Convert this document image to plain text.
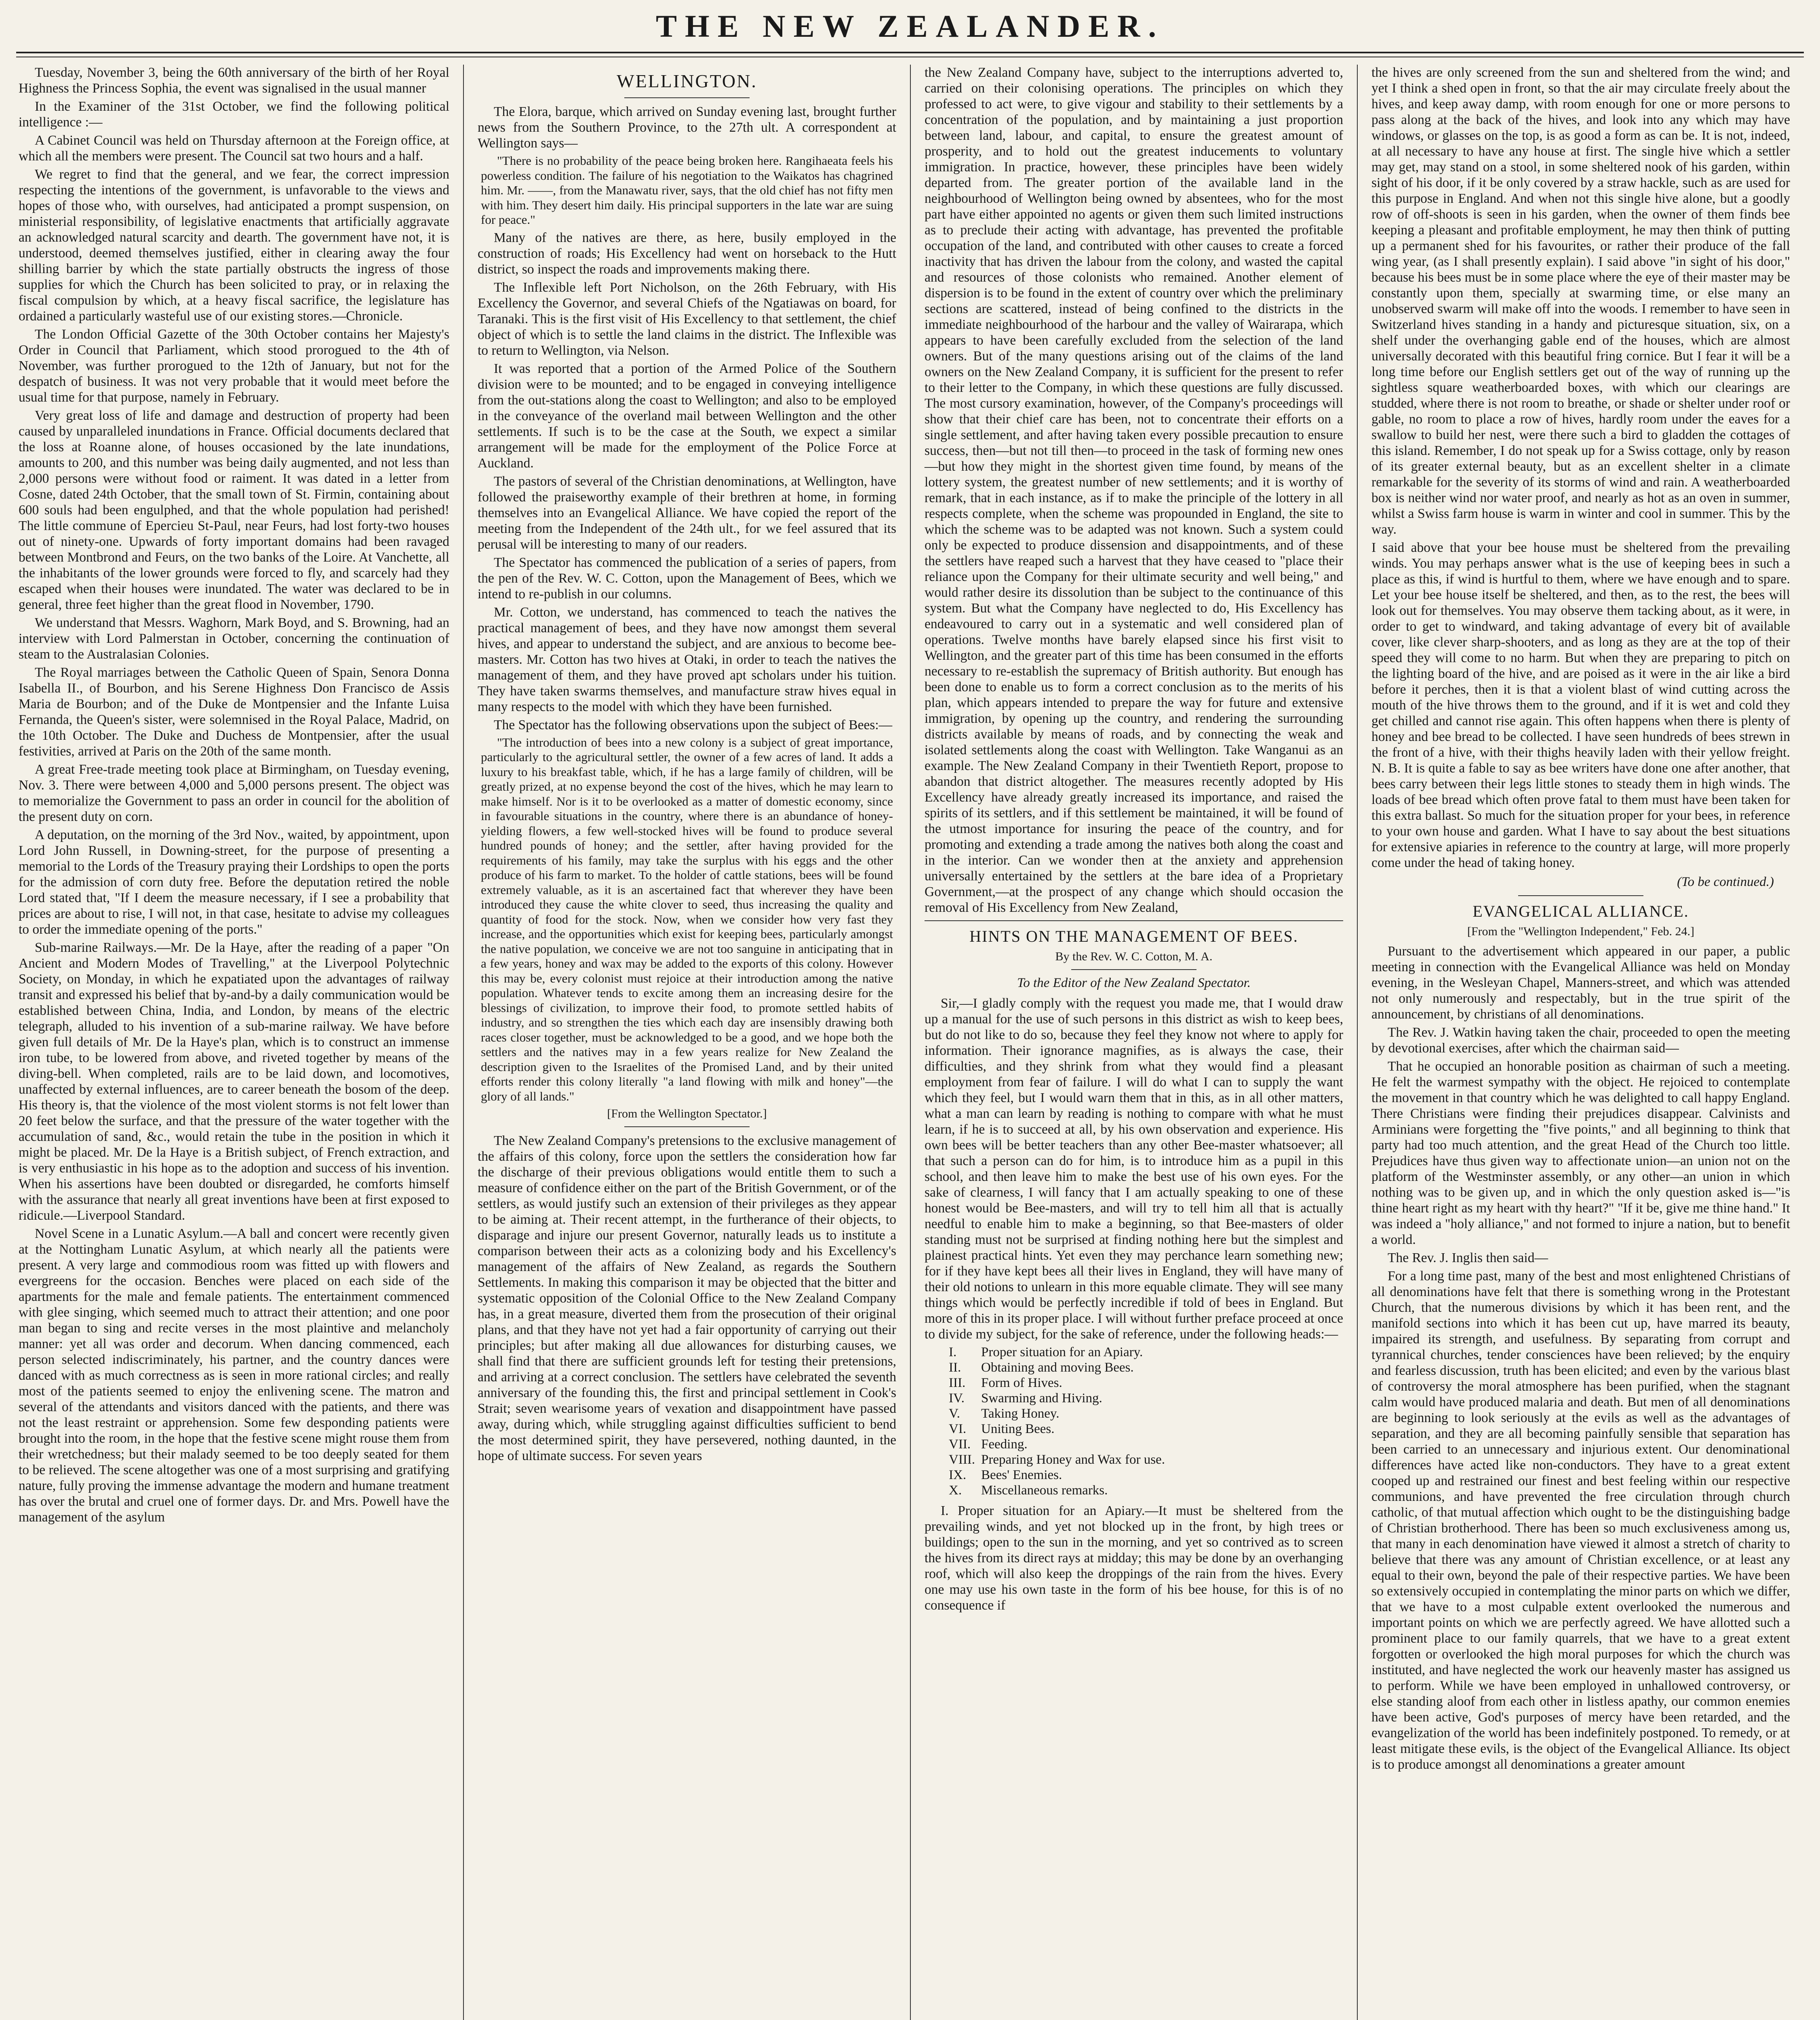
THE NEW ZEALANDER.

Tuesday, November 3, being the 60th anniversary of the birth of her Royal Highness the Princess Sophia, the event was signalised in the usual manner

In the Examiner of the 31st October, we find the following political intelligence :—

A Cabinet Council was held on Thursday afternoon at the Foreign office, at which all the members were present. The Council sat two hours and a half.

We regret to find that the general, and we fear, the correct impression respecting the intentions of the government, is unfavorable to the views and hopes of those who, with ourselves, had anticipated a prompt suspension, on ministerial responsibility, of legislative enactments that artificially aggravate an acknowledged natural scarcity and dearth. The government have not, it is understood, deemed themselves justified, either in clearing away the four shilling barrier by which the state partially obstructs the ingress of those supplies for which the Church has been solicited to pray, or in relaxing the fiscal compulsion by which, at a heavy fiscal sacrifice, the legislature has ordained a particularly wasteful use of our existing stores.—Chronicle.

The London Official Gazette of the 30th October contains her Majesty's Order in Council that Parliament, which stood prorogued to the 4th of November, was further prorogued to the 12th of January, but not for the despatch of business. It was not very probable that it would meet before the usual time for that purpose, namely in February.

Very great loss of life and damage and destruction of property had been caused by unparalleled inundations in France. Official documents declared that the loss at Roanne alone, of houses occasioned by the late inundations, amounts to 200, and this number was being daily augmented, and not less than 2,000 persons were without food or raiment. It was dated in a letter from Cosne, dated 24th October, that the small town of St. Firmin, containing about 600 souls had been engulphed, and that the whole population had perished! The little commune of Epercieu St-Paul, near Feurs, had lost forty-two houses out of ninety-one. Upwards of forty important domains had been ravaged between Montbrond and Feurs, on the two banks of the Loire. At Vanchette, all the inhabitants of the lower grounds were forced to fly, and scarcely had they escaped when their houses were inundated. The water was declared to be in general, three feet higher than the great flood in November, 1790.

We understand that Messrs. Waghorn, Mark Boyd, and S. Browning, had an interview with Lord Palmerstan in October, concerning the continuation of steam to the Australasian Colonies.

The Royal marriages between the Catholic Queen of Spain, Senora Donna Isabella II., of Bourbon, and his Serene Highness Don Francisco de Assis Maria de Bourbon; and of the Duke de Montpensier and the Infante Luisa Fernanda, the Queen's sister, were solemnised in the Royal Palace, Madrid, on the 10th October. The Duke and Duchess de Montpensier, after the usual festivities, arrived at Paris on the 20th of the same month.

A great Free-trade meeting took place at Birmingham, on Tuesday evening, Nov. 3. There were between 4,000 and 5,000 persons present. The object was to memorialize the Government to pass an order in council for the abolition of the present duty on corn.

A deputation, on the morning of the 3rd Nov., waited, by appointment, upon Lord John Russell, in Downing-street, for the purpose of presenting a memorial to the Lords of the Treasury praying their Lordships to open the ports for the admission of corn duty free. Before the deputation retired the noble Lord stated that, "If I deem the measure necessary, if I see a probability that prices are about to rise, I will not, in that case, hesitate to advise my colleagues to order the immediate opening of the ports."

Sub-marine Railways.—Mr. De la Haye, after the reading of a paper "On Ancient and Modern Modes of Travelling," at the Liverpool Polytechnic Society, on Monday, in which he expatiated upon the advantages of railway transit and expressed his belief that by-and-by a daily communication would be established between China, India, and London, by means of the electric telegraph, alluded to his invention of a sub-marine railway. We have before given full details of Mr. De la Haye's plan, which is to construct an immense iron tube, to be lowered from above, and riveted together by means of the diving-bell. When completed, rails are to be laid down, and locomotives, unaffected by external influences, are to career beneath the bosom of the deep. His theory is, that the violence of the most violent storms is not felt lower than 20 feet below the surface, and that the pressure of the water together with the accumulation of sand, &c., would retain the tube in the position in which it might be placed. Mr. De la Haye is a British subject, of French extraction, and is very enthusiastic in his hope as to the adoption and success of his invention. When his assertions have been doubted or disregarded, he comforts himself with the assurance that nearly all great inventions have been at first exposed to ridicule.—Liverpool Standard.

Novel Scene in a Lunatic Asylum.—A ball and concert were recently given at the Nottingham Lunatic Asylum, at which nearly all the patients were present. A very large and commodious room was fitted up with flowers and evergreens for the occasion. Benches were placed on each side of the apartments for the male and female patients. The entertainment commenced with glee singing, which seemed much to attract their attention; and one poor man began to sing and recite verses in the most plaintive and melancholy manner: yet all was order and decorum. When dancing commenced, each person selected indiscriminately, his partner, and the country dances were danced with as much correctness as is seen in more rational circles; and really most of the patients seemed to enjoy the enlivening scene. The matron and several of the attendants and visitors danced with the patients, and there was not the least restraint or apprehension. Some few desponding patients were brought into the room, in the hope that the festive scene might rouse them from their wretchedness; but their malady seemed to be too deeply seated for them to be relieved. The scene altogether was one of a most surprising and gratifying nature, fully proving the immense advantage the modern and humane treatment has over the brutal and cruel one of former days. Dr. and Mrs. Powell have the management of the asylum

WELLINGTON.

The Elora, barque, which arrived on Sunday evening last, brought further news from the Southern Province, to the 27th ult. A correspondent at Wellington says—

"There is no probability of the peace being broken here. Rangihaeata feels his powerless condition. The failure of his negotiation to the Waikatos has chagrined him. Mr. ——, from the Manawatu river, says, that the old chief has not fifty men with him. They desert him daily. His principal supporters in the late war are suing for peace."

Many of the natives are there, as here, busily employed in the construction of roads; His Excellency had went on horseback to the Hutt district, so inspect the roads and improvements making there.

The Inflexible left Port Nicholson, on the 26th February, with His Excellency the Governor, and several Chiefs of the Ngatiawas on board, for Taranaki. This is the first visit of His Excellency to that settlement, the chief object of which is to settle the land claims in the district. The Inflexible was to return to Wellington, via Nelson.

It was reported that a portion of the Armed Police of the Southern division were to be mounted; and to be engaged in conveying intelligence from the out-stations along the coast to Wellington; and also to be employed in the conveyance of the overland mail between Wellington and the other settlements. If such is to be the case at the South, we expect a similar arrangement will be made for the employment of the Police Force at Auckland.

The pastors of several of the Christian denominations, at Wellington, have followed the praiseworthy example of their brethren at home, in forming themselves into an Evangelical Alliance. We have copied the report of the meeting from the Independent of the 24th ult., for we feel assured that its perusal will be interesting to many of our readers.

The Spectator has commenced the publication of a series of papers, from the pen of the Rev. W. C. Cotton, upon the Management of Bees, which we intend to re-publish in our columns.

Mr. Cotton, we understand, has commenced to teach the natives the practical management of bees, and they have now amongst them several hives, and appear to understand the subject, and are anxious to become bee-masters. Mr. Cotton has two hives at Otaki, in order to teach the natives the management of them, and they have proved apt scholars under his tuition. They have taken swarms themselves, and manufacture straw hives equal in many respects to the model with which they have been furnished.

The Spectator has the following observations upon the subject of Bees:—

"The introduction of bees into a new colony is a subject of great importance, particularly to the agricultural settler, the owner of a few acres of land. It adds a luxury to his breakfast table, which, if he has a large family of children, will be greatly prized, at no expense beyond the cost of the hives, which he may learn to make himself. Nor is it to be overlooked as a matter of domestic economy, since in favourable situations in the country, where there is an abundance of honey-yielding flowers, a few well-stocked hives will be found to produce several hundred pounds of honey; and the settler, after having provided for the requirements of his family, may take the surplus with his eggs and the other produce of his farm to market. To the holder of cattle stations, bees will be found extremely valuable, as it is an ascertained fact that wherever they have been introduced they cause the white clover to seed, thus increasing the quality and quantity of food for the stock. Now, when we consider how very fast they increase, and the opportunities which exist for keeping bees, particularly amongst the native population, we conceive we are not too sanguine in anticipating that in a few years, honey and wax may be added to the exports of this colony. However this may be, every colonist must rejoice at their introduction among the native population. Whatever tends to excite among them an increasing desire for the blessings of civilization, to improve their food, to promote settled habits of industry, and so strengthen the ties which each day are insensibly drawing both races closer together, must be acknowledged to be a good, and we hope both the settlers and the natives may in a few years realize for New Zealand the description given to the Israelites of the Promised Land, and by their united efforts render this colony literally "a land flowing with milk and honey"—the glory of all lands."

[From the Wellington Spectator.]

The New Zealand Company's pretensions to the exclusive management of the affairs of this colony, force upon the settlers the consideration how far the discharge of their previous obligations would entitle them to such a measure of confidence either on the part of the British Government, or of the settlers, as would justify such an extension of their privileges as they appear to be aiming at. Their recent attempt, in the furtherance of their objects, to disparage and injure our present Governor, naturally leads us to institute a comparison between their acts as a colonizing body and his Excellency's management of the affairs of New Zealand, as regards the Southern Settlements. In making this comparison it may be objected that the bitter and systematic opposition of the Colonial Office to the New Zealand Company has, in a great measure, diverted them from the prosecution of their original plans, and that they have not yet had a fair opportunity of carrying out their principles; but after making all due allowances for disturbing causes, we shall find that there are sufficient grounds left for testing their pretensions, and arriving at a correct conclusion. The settlers have celebrated the seventh anniversary of the founding this, the first and principal settlement in Cook's Strait; seven wearisome years of vexation and disappointment have passed away, during which, while struggling against difficulties sufficient to bend the most determined spirit, they have persevered, nothing daunted, in the hope of ultimate success. For seven years

the New Zealand Company have, subject to the interruptions adverted to, carried on their colonising operations. The principles on which they professed to act were, to give vigour and stability to their settlements by a concentration of the population, and by maintaining a just proportion between land, labour, and capital, to ensure the greatest amount of prosperity, and to hold out the greatest inducements to voluntary immigration. In practice, however, these principles have been widely departed from. The greater portion of the available land in the neighbourhood of Wellington being owned by absentees, who for the most part have either appointed no agents or given them such limited instructions as to preclude their acting with advantage, has prevented the profitable occupation of the land, and contributed with other causes to create a forced inactivity that has driven the labour from the colony, and wasted the capital and resources of those colonists who remained. Another element of dispersion is to be found in the extent of country over which the preliminary sections are scattered, instead of being confined to the districts in the immediate neighbourhood of the harbour and the valley of Wairarapa, which appears to have been carefully excluded from the selection of the land owners. But of the many questions arising out of the claims of the land owners on the New Zealand Company, it is sufficient for the present to refer to their letter to the Company, in which these questions are fully discussed. The most cursory examination, however, of the Company's proceedings will show that their chief care has been, not to concentrate their efforts on a single settlement, and after having taken every possible precaution to ensure success, then—but not till then—to proceed in the task of forming new ones—but how they might in the shortest given time found, by means of the lottery system, the greatest number of new settlements; and it is worthy of remark, that in each instance, as if to make the principle of the lottery in all respects complete, when the scheme was propounded in England, the site to which the scheme was to be adapted was not known. Such a system could only be expected to produce dissension and disappointments, and of these the settlers have reaped such a harvest that they have ceased to "place their reliance upon the Company for their ultimate security and well being," and would rather desire its dissolution than be subject to the continuance of this system. But what the Company have neglected to do, His Excellency has endeavoured to carry out in a systematic and well considered plan of operations. Twelve months have barely elapsed since his first visit to Wellington, and the greater part of this time has been consumed in the efforts necessary to re-establish the supremacy of British authority. But enough has been done to enable us to form a correct conclusion as to the merits of his plan, which appears intended to prepare the way for future and extensive immigration, by opening up the country, and rendering the surrounding districts available by means of roads, and by connecting the weak and isolated settlements along the coast with Wellington. Take Wanganui as an example. The New Zealand Company in their Twentieth Report, propose to abandon that district altogether. The measures recently adopted by His Excellency have already greatly increased its importance, and raised the spirits of its settlers, and if this settlement be maintained, it will be found of the utmost importance for insuring the peace of the country, and for promoting and extending a trade among the natives both along the coast and in the interior. Can we wonder then at the anxiety and apprehension universally entertained by the settlers at the bare idea of a Proprietary Government,—at the prospect of any change which should occasion the removal of His Excellency from New Zealand,

HINTS ON THE MANAGEMENT OF BEES.
By the Rev. W. C. Cotton, M. A.
To the Editor of the New Zealand Spectator.

Sir,—I gladly comply with the request you made me, that I would draw up a manual for the use of such persons in this district as wish to keep bees, but do not like to do so, because they feel they know not where to apply for information. Their ignorance magnifies, as is always the case, their difficulties, and they shrink from what they would find a pleasant employment from fear of failure. I will do what I can to supply the want which they feel, but I would warn them that in this, as in all other matters, what a man can learn by reading is nothing to compare with what he must learn, if he is to succeed at all, by his own observation and experience. His own bees will be better teachers than any other Bee-master whatsoever; all that such a person can do for him, is to introduce him as a pupil in this school, and then leave him to make the best use of his own eyes. For the sake of clearness, I will fancy that I am actually speaking to one of these honest would be Bee-masters, and will try to tell him all that is actually needful to enable him to make a beginning, so that Bee-masters of older standing must not be surprised at finding nothing here but the simplest and plainest practical hints. Yet even they may perchance learn something new; for if they have kept bees all their lives in England, they will have many of their old notions to unlearn in this more equable climate. They will see many things which would be perfectly incredible if told of bees in England. But more of this in its proper place. I will without further preface proceed at once to divide my subject, for the sake of reference, under the following heads:—

I. Proper situation for an Apiary.
II. Obtaining and moving Bees.
III. Form of Hives.
IV. Swarming and Hiving.
V. Taking Honey.
VI. Uniting Bees.
VII. Feeding.
VIII. Preparing Honey and Wax for use.
IX. Bees' Enemies.
X. Miscellaneous remarks.

I. Proper situation for an Apiary.—It must be sheltered from the prevailing winds, and yet not blocked up in the front, by high trees or buildings; open to the sun in the morning, and yet so contrived as to screen the hives from its direct rays at midday; this may be done by an overhanging roof, which will also keep the droppings of the rain from the hives. Every one may use his own taste in the form of his bee house, for this is of no consequence if

the hives are only screened from the sun and sheltered from the wind; and yet I think a shed open in front, so that the air may circulate freely about the hives, and keep away damp, with room enough for one or more persons to pass along at the back of the hives, and look into any which may have windows, or glasses on the top, is as good a form as can be. It is not, indeed, at all necessary to have any house at first. The single hive which a settler may get, may stand on a stool, in some sheltered nook of his garden, within sight of his door, if it be only covered by a straw hackle, such as are used for this purpose in England. And when not this single hive alone, but a goodly row of off-shoots is seen in his garden, when the owner of them finds bee keeping a pleasant and profitable employment, he may then think of putting up a permanent shed for his favourites, or rather their produce of the fall wing year, (as I shall presently explain). I said above "in sight of his door," because his bees must be in some place where the eye of their master may be constantly upon them, specially at swarming time, or else many an unobserved swarm will make off into the woods. I remember to have seen in Switzerland hives standing in a handy and picturesque situation, six, on a shelf under the overhanging gable end of the houses, which are almost universally decorated with this beautiful fring cornice. But I fear it will be a long time before our English settlers get out of the way of running up the sightless square weatherboarded boxes, with which our clearings are studded, where there is not room to breathe, or shade or shelter under roof or gable, no room to place a row of hives, hardly room under the eaves for a swallow to build her nest, were there such a bird to gladden the cottages of this island. Remember, I do not speak up for a Swiss cottage, only by reason of its greater external beauty, but as an excellent shelter in a climate remarkable for the severity of its storms of wind and rain. A weatherboarded box is neither wind nor water proof, and nearly as hot as an oven in summer, whilst a Swiss farm house is warm in winter and cool in summer. This by the way.

I said above that your bee house must be sheltered from the prevailing winds. You may perhaps answer what is the use of keeping bees in such a place as this, if wind is hurtful to them, where we have enough and to spare. Let your bee house itself be sheltered, and then, as to the rest, the bees will look out for themselves. You may observe them tacking about, as it were, in order to get to windward, and taking advantage of every bit of available cover, like clever sharp-shooters, and as long as they are at the top of their speed they will come to no harm. But when they are preparing to pitch on the lighting board of the hive, and are poised as it were in the air like a bird before it perches, then it is that a violent blast of wind cutting across the mouth of the hive throws them to the ground, and if it is wet and cold they get chilled and cannot rise again. This often happens when there is plenty of honey and bee bread to be collected. I have seen hundreds of bees strewn in the front of a hive, with their thighs heavily laden with their yellow freight. N. B. It is quite a fable to say as bee writers have done one after another, that bees carry between their legs little stones to steady them in high winds. The loads of bee bread which often prove fatal to them must have been taken for this extra ballast. So much for the situation proper for your bees, in reference to your own house and garden. What I have to say about the best situations for extensive apiaries in reference to the country at large, will more properly come under the head of taking honey.

(To be continued.)
EVANGELICAL ALLIANCE.
[From the "Wellington Independent," Feb. 24.]

Pursuant to the advertisement which appeared in our paper, a public meeting in connection with the Evangelical Alliance was held on Monday evening, in the Wesleyan Chapel, Manners-street, and which was attended not only numerously and respectably, but in the true spirit of the announcement, by christians of all denominations.

The Rev. J. Watkin having taken the chair, proceeded to open the meeting by devotional exercises, after which the chairman said—

That he occupied an honorable position as chairman of such a meeting. He felt the warmest sympathy with the object. He rejoiced to contemplate the movement in that country which he was delighted to call happy England. There Christians were finding their prejudices disappear. Calvinists and Arminians were forgetting the "five points," and all beginning to think that party had too much attention, and the great Head of the Church too little. Prejudices have thus given way to affectionate union—an union not on the platform of the Westminster assembly, or any other—an union in which nothing was to be given up, and in which the only question asked is—"is thine heart right as my heart with thy heart?" "If it be, give me thine hand." It was indeed a "holy alliance," and not formed to injure a nation, but to benefit a world.

The Rev. J. Inglis then said—

For a long time past, many of the best and most enlightened Christians of all denominations have felt that there is something wrong in the Protestant Church, that the numerous divisions by which it has been rent, and the manifold sections into which it has been cut up, have marred its beauty, impaired its strength, and usefulness. By separating from corrupt and tyrannical churches, tender consciences have been relieved; by the enquiry and fearless discussion, truth has been elicited; and even by the various blast of controversy the moral atmosphere has been purified, when the stagnant calm would have produced malaria and death. But men of all denominations are beginning to look seriously at the evils as well as the advantages of separation, and they are all becoming painfully sensible that separation has been carried to an unnecessary and injurious extent. Our denominational differences have acted like non-conductors. They have to a great extent cooped up and restrained our finest and best feeling within our respective communions, and have prevented the free circulation through church catholic, of that mutual affection which ought to be the distinguishing badge of Christian brotherhood. There has been so much exclusiveness among us, that many in each denomination have viewed it almost a stretch of charity to believe that there was any amount of Christian excellence, or at least any equal to their own, beyond the pale of their respective parties. We have been so extensively occupied in contemplating the minor parts on which we differ, that we have to a most culpable extent overlooked the numerous and important points on which we are perfectly agreed. We have allotted such a prominent place to our family quarrels, that we have to a great extent forgotten or overlooked the high moral purposes for which the church was instituted, and have neglected the work our heavenly master has assigned us to perform. While we have been employed in unhallowed controversy, or else standing aloof from each other in listless apathy, our common enemies have been active, God's purposes of mercy have been retarded, and the evangelization of the world has been indefinitely postponed. To remedy, or at least mitigate these evils, is the object of the Evangelical Alliance. Its object is to produce amongst all denominations a greater amount
